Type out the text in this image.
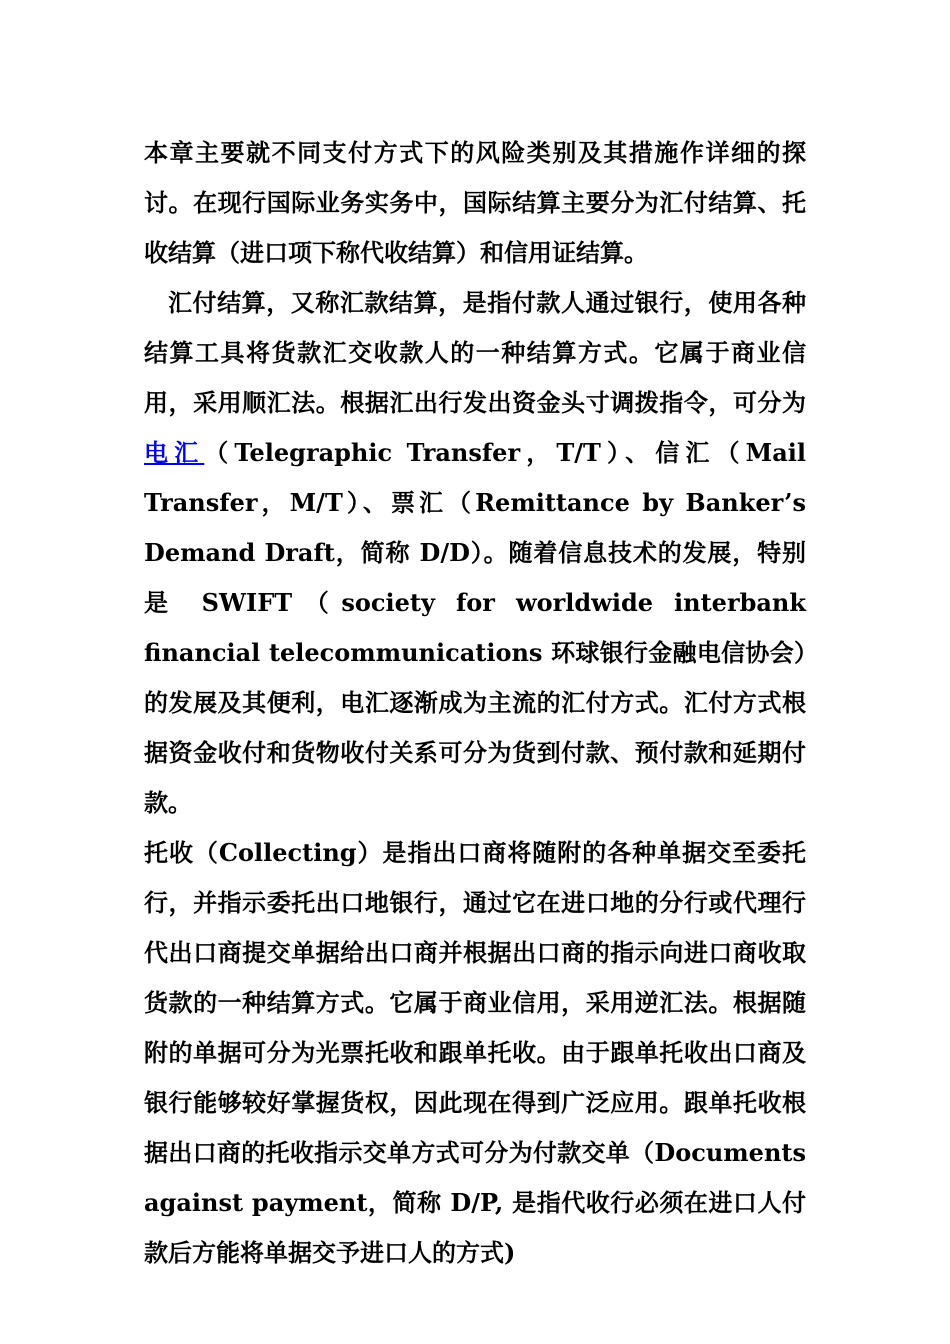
本章主要就不同支付方式下的风险类别及其措施作详细的探讨。在现行国际业务实务中，国际结算主要分为汇付结算、托收结算（进口项下称代收结算）和信用证结算。

汇付结算，又称汇款结算，是指付款人通过银行，使用各种结算工具将货款汇交收款人的一种结算方式。它属于商业信用，采用顺汇法。根据汇出行发出资金头寸调拨指令，可分为电汇（Telegraphic Transfer，T/T）、信汇（Mail Transfer，M/T）、票汇（Remittance by Banker’s Demand Draft，简称 D/D）。随着信息技术的发展，特别是 SWIFT（society for worldwide interbank financial telecommunications 环球银行金融电信协会）的发展及其便利，电汇逐渐成为主流的汇付方式。汇付方式根据资金收付和货物收付关系可分为货到付款、预付款和延期付款。

托收（Collecting）是指出口商将随附的各种单据交至委托行，并指示委托出口地银行，通过它在进口地的分行或代理行代出口商提交单据给出口商并根据出口商的指示向进口商收取货款的一种结算方式。它属于商业信用，采用逆汇法。根据随附的单据可分为光票托收和跟单托收。由于跟单托收出口商及银行能够较好掌握货权，因此现在得到广泛应用。跟单托收根据出口商的托收指示交单方式可分为付款交单（Documents against payment，简称 D/P, 是指代收行必须在进口人付款后方能将单据交予进口人的方式)
